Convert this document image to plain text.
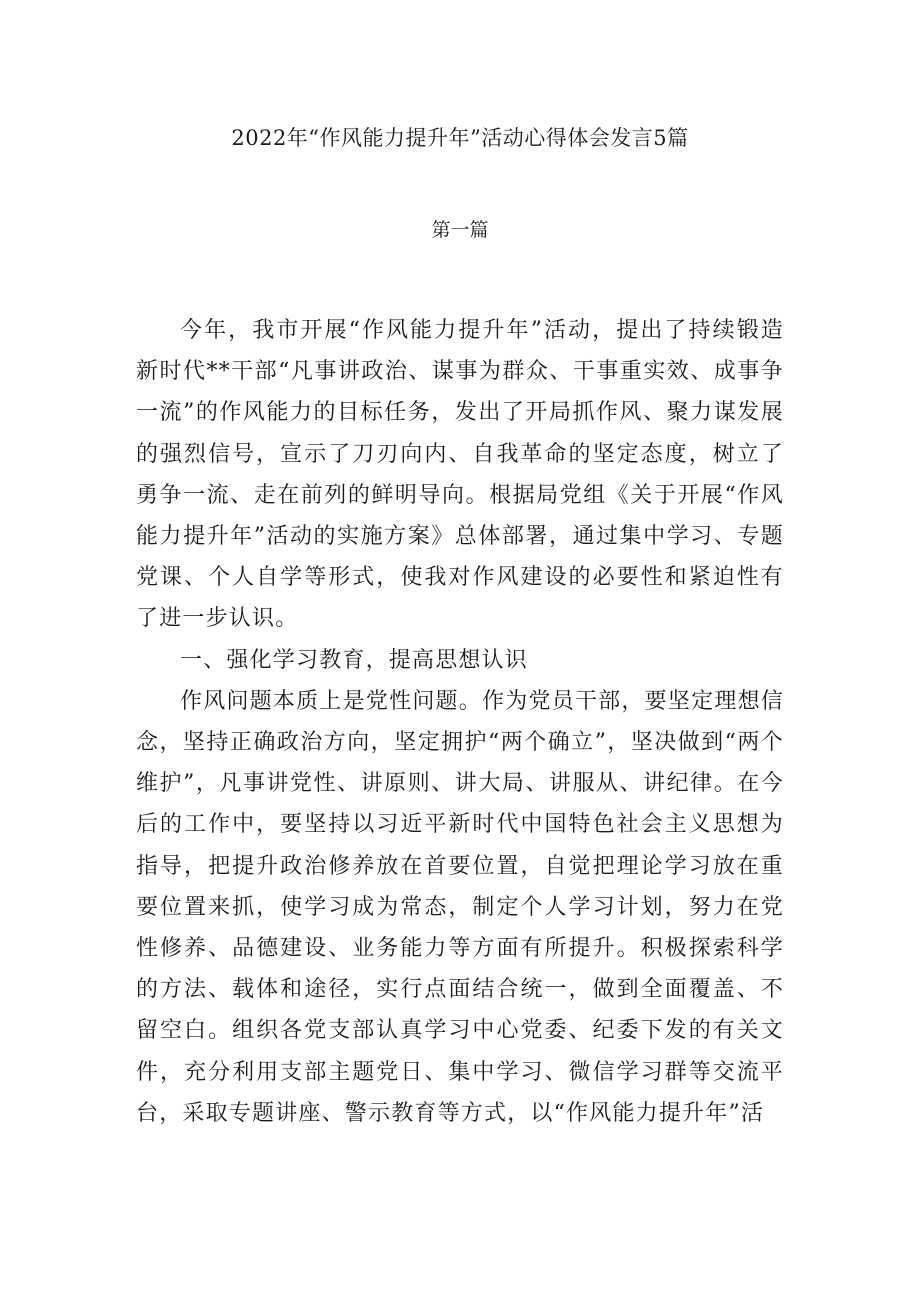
2022年“作风能力提升年”活动心得体会发言5篇
第一篇

今年，我市开展“作风能力提升年”活动，提出了持续锻造新时代**干部“凡事讲政治、谋事为群众、干事重实效、成事争一流”的作风能力的目标任务，发出了开局抓作风、聚力谋发展的强烈信号，宣示了刀刃向内、自我革命的坚定态度，树立了勇争一流、走在前列的鲜明导向。根据局党组《关于开展“作风能力提升年”活动的实施方案》总体部署，通过集中学习、专题党课、个人自学等形式，使我对作风建设的必要性和紧迫性有了进一步认识。

一、强化学习教育，提高思想认识

作风问题本质上是党性问题。作为党员干部，要坚定理想信念，坚持正确政治方向，坚定拥护“两个确立”，坚决做到“两个维护”，凡事讲党性、讲原则、讲大局、讲服从、讲纪律。在今后的工作中，要坚持以习近平新时代中国特色社会主义思想为指导，把提升政治修养放在首要位置，自觉把理论学习放在重要位置来抓，使学习成为常态，制定个人学习计划，努力在党性修养、品德建设、业务能力等方面有所提升。积极探索科学的方法、载体和途径，实行点面结合统一，做到全面覆盖、不留空白。组织各党支部认真学习中心党委、纪委下发的有关文件，充分利用支部主题党日、集中学习、微信学习群等交流平台，采取专题讲座、警示教育等方式，以“作风能力提升年”活
